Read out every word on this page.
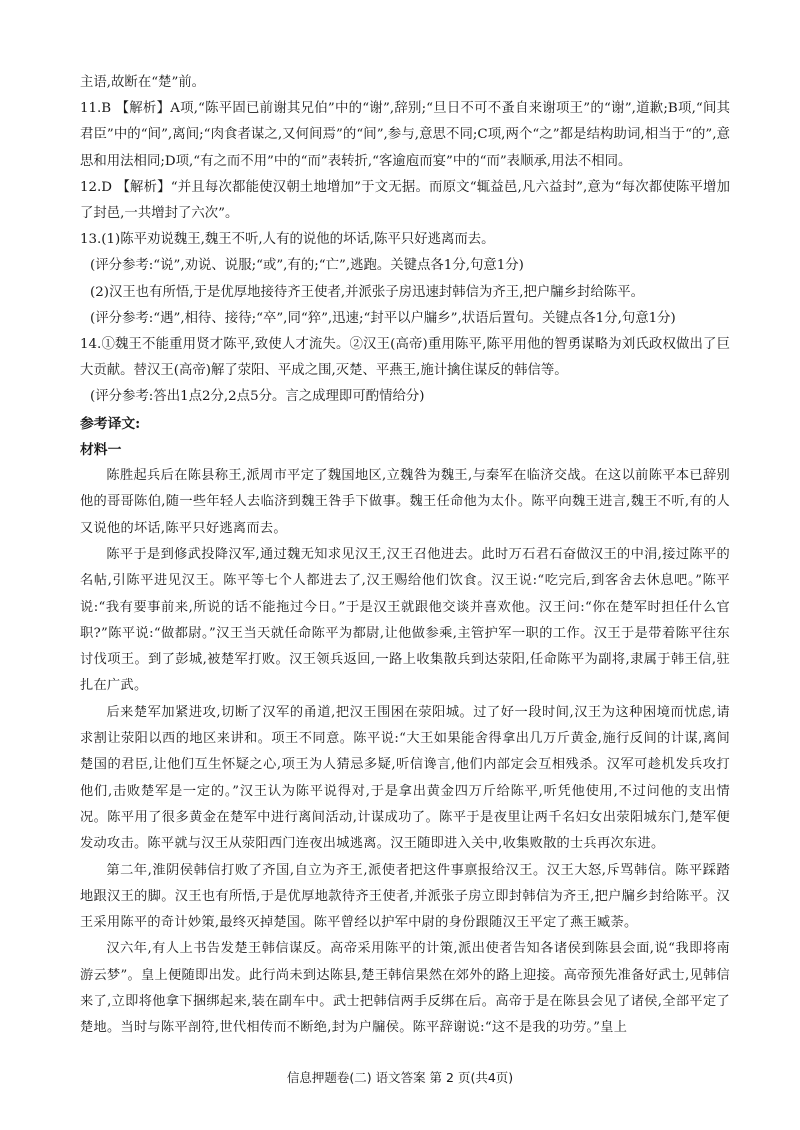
主语,故断在“楚”前。

11.B 【解析】A项,“陈平固已前谢其兄伯”中的“谢”,辞别;“旦日不可不蚤自来谢项王”的“谢”,道歉;B项,“间其君臣”中的“间”,离间;“肉食者谋之,又何间焉”的“间”,参与,意思不同;C项,两个“之”都是结构助词,相当于“的”,意思和用法相同;D项,“有之而不用”中的“而”表转折,“客逾庖而宴”中的“而”表顺承,用法不相同。

12.D 【解析】“并且每次都能使汉朝土地增加”于文无据。而原文“辄益邑,凡六益封”,意为“每次都使陈平增加了封邑,一共增封了六次”。

13.(1)陈平劝说魏王,魏王不听,人有的说他的坏话,陈平只好逃离而去。

(评分参考:“说”,劝说、说服;“或”,有的;“亡”,逃跑。关键点各1分,句意1分)

(2)汉王也有所悟,于是优厚地接待齐王使者,并派张子房迅速封韩信为齐王,把户牖乡封给陈平。

(评分参考:“遇”,相待、接待;“卒”,同“猝”,迅速;“封平以户牖乡”,状语后置句。关键点各1分,句意1分)

14.①魏王不能重用贤才陈平,致使人才流失。②汉王(高帝)重用陈平,陈平用他的智勇谋略为刘氏政权做出了巨大贡献。替汉王(高帝)解了荥阳、平成之围,灭楚、平燕王,施计擒住谋反的韩信等。

(评分参考:答出1点2分,2点5分。言之成理即可酌情给分)

参考译文:

材料一

陈胜起兵后在陈县称王,派周市平定了魏国地区,立魏咎为魏王,与秦军在临济交战。在这以前陈平本已辞别他的哥哥陈伯,随一些年轻人去临济到魏王咎手下做事。魏王任命他为太仆。陈平向魏王进言,魏王不听,有的人又说他的坏话,陈平只好逃离而去。

陈平于是到修武投降汉军,通过魏无知求见汉王,汉王召他进去。此时万石君石奋做汉王的中涓,接过陈平的名帖,引陈平进见汉王。陈平等七个人都进去了,汉王赐给他们饮食。汉王说:“吃完后,到客舍去休息吧。”陈平说:“我有要事前来,所说的话不能拖过今日。”于是汉王就跟他交谈并喜欢他。汉王问:“你在楚军时担任什么官职?”陈平说:“做都尉。”汉王当天就任命陈平为都尉,让他做参乘,主管护军一职的工作。汉王于是带着陈平往东讨伐项王。到了彭城,被楚军打败。汉王领兵返回,一路上收集散兵到达荥阳,任命陈平为副将,隶属于韩王信,驻扎在广武。

后来楚军加紧进攻,切断了汉军的甬道,把汉王围困在荥阳城。过了好一段时间,汉王为这种困境而忧虑,请求割让荥阳以西的地区来讲和。项王不同意。陈平说:“大王如果能舍得拿出几万斤黄金,施行反间的计谋,离间楚国的君臣,让他们互生怀疑之心,项王为人猜忌多疑,听信谗言,他们内部定会互相残杀。汉军可趁机发兵攻打他们,击败楚军是一定的。”汉王认为陈平说得对,于是拿出黄金四万斤给陈平,听凭他使用,不过问他的支出情况。陈平用了很多黄金在楚军中进行离间活动,计谋成功了。陈平于是夜里让两千名妇女出荥阳城东门,楚军便发动攻击。陈平就与汉王从荥阳西门连夜出城逃离。汉王随即进入关中,收集败散的士兵再次东进。

第二年,淮阴侯韩信打败了齐国,自立为齐王,派使者把这件事禀报给汉王。汉王大怒,斥骂韩信。陈平踩踏地跟汉王的脚。汉王也有所悟,于是优厚地款待齐王使者,并派张子房立即封韩信为齐王,把户牖乡封给陈平。汉王采用陈平的奇计妙策,最终灭掉楚国。陈平曾经以护军中尉的身份跟随汉王平定了燕王臧荼。

汉六年,有人上书告发楚王韩信谋反。高帝采用陈平的计策,派出使者告知各诸侯到陈县会面,说“我即将南游云梦”。皇上便随即出发。此行尚未到达陈县,楚王韩信果然在郊外的路上迎接。高帝预先准备好武士,见韩信来了,立即将他拿下捆绑起来,装在副车中。武士把韩信两手反绑在后。高帝于是在陈县会见了诸侯,全部平定了楚地。当时与陈平剖符,世代相传而不断绝,封为户牖侯。陈平辞谢说:“这不是我的功劳。”皇上

信息押题卷(二) 语文答案 第 2 页(共4页)
